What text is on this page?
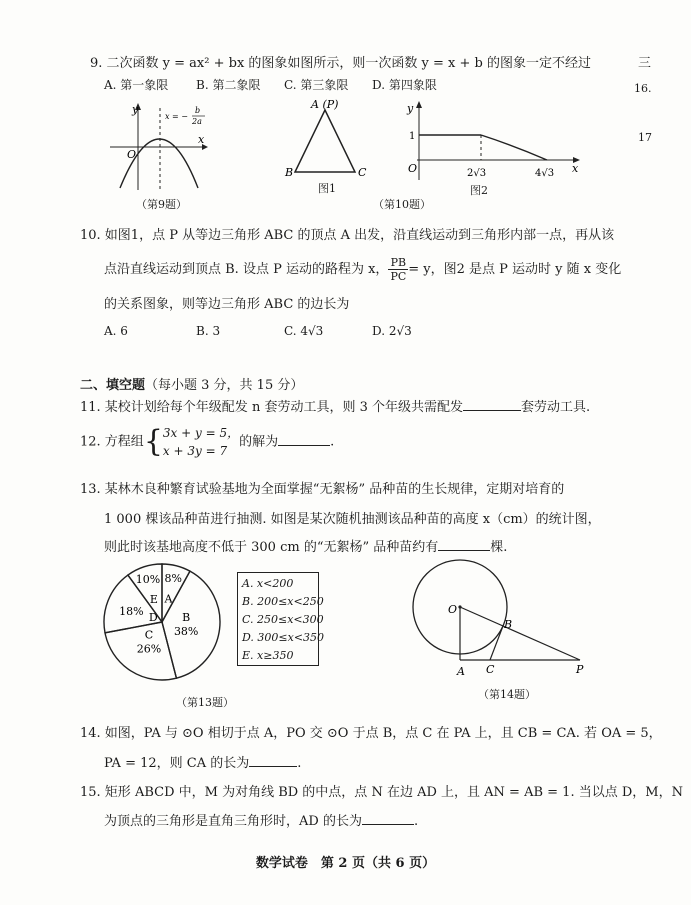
三
16.
17
9. 二次函数 y = ax² + bx 的图象如图所示，则一次函数 y = x + b 的图象一定不经过
A. 第一象限 B. 第二象限 C. 第三象限 D. 第四象限
y
x
O
x = −
b
2a
（第9题）
A (P)
B	C
图1
y
x
O
1
2√3	4√3
图2
（第10题）
10. 如图1，点 P 从等边三角形 ABC 的顶点 A 出发，沿直线运动到三角形内部一点，再从该
点沿直线运动到顶点 B. 设点 P 运动的路程为 x， $\frac{PB}{PC} = y$，图2 是点 P 运动时 y 随 x 变化
的关系图象，则等边三角形 ABC 的边长为
A. 6	B. 3	C. 4√3	D. 2√3
二、填空题（每小题 3 分，共 15 分）
11. 某校计划给每个年级配发 n 套劳动工具，则 3 个年级共需配发	套劳动工具.
12. 方程组{ 3x + y = 5，
x + 3y = 7
的解为	.
13. 某林木良种繁育试验基地为全面掌握“无絮杨” 品种苗的生长规律，定期对培育的
1 000 棵该品种苗进行抽测. 如图是某次随机抽测该品种苗的高度 x（cm）的统计图，
则此时该基地高度不低于 300 cm 的“无絮杨” 品种苗约有	棵.
A
8%
B
38%
C
26%
D
18%
E
10%	A. x<200
B. 200≤x<250
C. 250≤x<300
D. 300≤x<350
E. x≥350
（第13题）
O
A
B
C	P
（第14题）
14. 如图，PA 与 ⊙O 相切于点 A，PO 交 ⊙O 于点 B，点 C 在 PA 上，且 CB = CA. 若 OA = 5，
PA = 12，则 CA 的长为	.
15. 矩形 ABCD 中，M 为对角线 BD 的中点，点 N 在边 AD 上，且 AN = AB = 1. 当以点 D，M，N
为顶点的三角形是直角三角形时，AD 的长为	.
数学试卷　第 2 页（共 6 页）
